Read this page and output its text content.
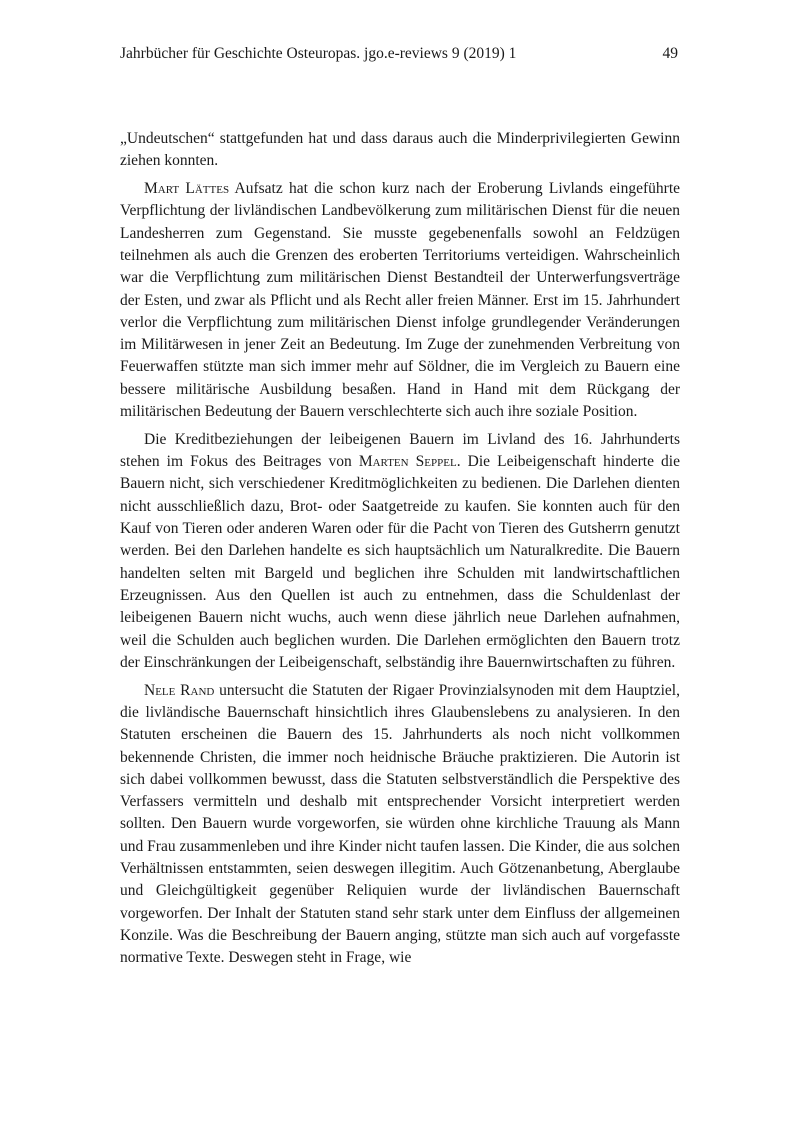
Jahrbücher für Geschichte Osteuropas. jgo.e-reviews 9 (2019) 1	49

„Undeutschen“ stattgefunden hat und dass daraus auch die Minderprivilegierten Gewinn ziehen konnten.

Mart Lättes Aufsatz hat die schon kurz nach der Eroberung Livlands eingeführte Verpflichtung der livländischen Landbevölkerung zum militärischen Dienst für die neuen Landesherren zum Gegenstand. Sie musste gegebenenfalls sowohl an Feldzügen teilnehmen als auch die Grenzen des eroberten Territoriums verteidigen. Wahrscheinlich war die Verpflichtung zum militärischen Dienst Bestandteil der Unterwerfungsverträge der Esten, und zwar als Pflicht und als Recht aller freien Männer. Erst im 15. Jahrhundert verlor die Verpflichtung zum militärischen Dienst infolge grundlegender Veränderungen im Militärwesen in jener Zeit an Bedeutung. Im Zuge der zunehmenden Verbreitung von Feuerwaffen stützte man sich immer mehr auf Söldner, die im Vergleich zu Bauern eine bessere militärische Ausbildung besaßen. Hand in Hand mit dem Rückgang der militärischen Bedeutung der Bauern verschlechterte sich auch ihre soziale Position.

Die Kreditbeziehungen der leibeigenen Bauern im Livland des 16. Jahrhunderts stehen im Fokus des Beitrages von Marten Seppel. Die Leibeigenschaft hinderte die Bauern nicht, sich verschiedener Kreditmöglichkeiten zu bedienen. Die Darlehen dienten nicht ausschließlich dazu, Brot- oder Saatgetreide zu kaufen. Sie konnten auch für den Kauf von Tieren oder anderen Waren oder für die Pacht von Tieren des Gutsherrn genutzt werden. Bei den Darlehen handelte es sich hauptsächlich um Naturalkredite. Die Bauern handelten selten mit Bargeld und beglichen ihre Schulden mit landwirtschaftlichen Erzeugnissen. Aus den Quellen ist auch zu entnehmen, dass die Schuldenlast der leibeigenen Bauern nicht wuchs, auch wenn diese jährlich neue Darlehen aufnahmen, weil die Schulden auch beglichen wurden. Die Darlehen ermöglichten den Bauern trotz der Einschränkungen der Leibeigenschaft, selbständig ihre Bauernwirtschaften zu führen.

Nele Rand untersucht die Statuten der Rigaer Provinzialsynoden mit dem Hauptziel, die livländische Bauernschaft hinsichtlich ihres Glaubenslebens zu analysieren. In den Statuten erscheinen die Bauern des 15. Jahrhunderts als noch nicht vollkommen bekennende Christen, die immer noch heidnische Bräuche praktizieren. Die Autorin ist sich dabei vollkommen bewusst, dass die Statuten selbstverständlich die Perspektive des Verfassers vermitteln und deshalb mit entsprechender Vorsicht interpretiert werden sollten. Den Bauern wurde vorgeworfen, sie würden ohne kirchliche Trauung als Mann und Frau zusammenleben und ihre Kinder nicht taufen lassen. Die Kinder, die aus solchen Verhältnissen entstammten, seien deswegen illegitim. Auch Götzenanbetung, Aberglaube und Gleichgültigkeit gegenüber Reliquien wurde der livländischen Bauernschaft vorgeworfen. Der Inhalt der Statuten stand sehr stark unter dem Einfluss der allgemeinen Konzile. Was die Beschreibung der Bauern anging, stützte man sich auch auf vorgefasste normative Texte. Deswegen steht in Frage, wie
